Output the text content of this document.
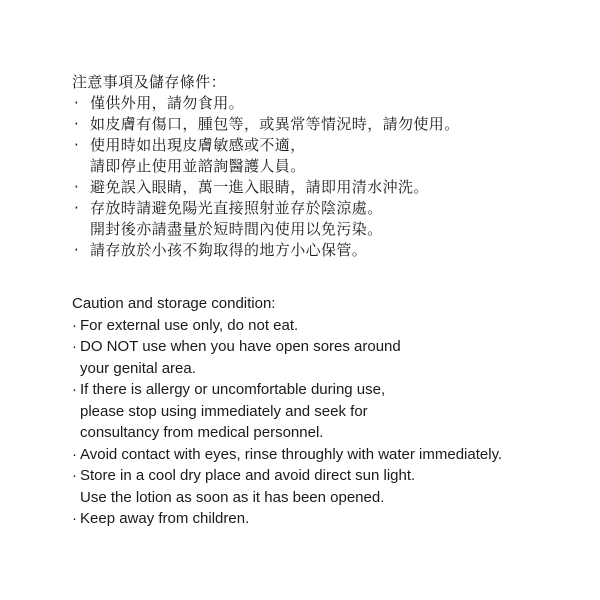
注意事項及儲存條件：
· 僅供外用，請勿食用。
· 如皮膚有傷口，腫包等，或異常等情況時，請勿使用。
· 使用時如出現皮膚敏感或不適，
請即停止使用並諮詢醫護人員。
· 避免誤入眼睛，萬一進入眼睛，請即用清水沖洗。
· 存放時請避免陽光直接照射並存於陰涼處。
開封後亦請盡量於短時間內使用以免污染。
· 請存放於小孩不夠取得的地方小心保管。
Caution and storage condition:
· For external use only, do not eat.
· DO NOT use when you have open sores around
your genital area.
· If there is allergy or uncomfortable during use,
please stop using immediately and seek for
consultancy from medical personnel.
· Avoid contact with eyes, rinse throughly with water immediately.
· Store in a cool dry place and avoid direct sun light.
Use the lotion as soon as it has been opened.
· Keep away from children.
